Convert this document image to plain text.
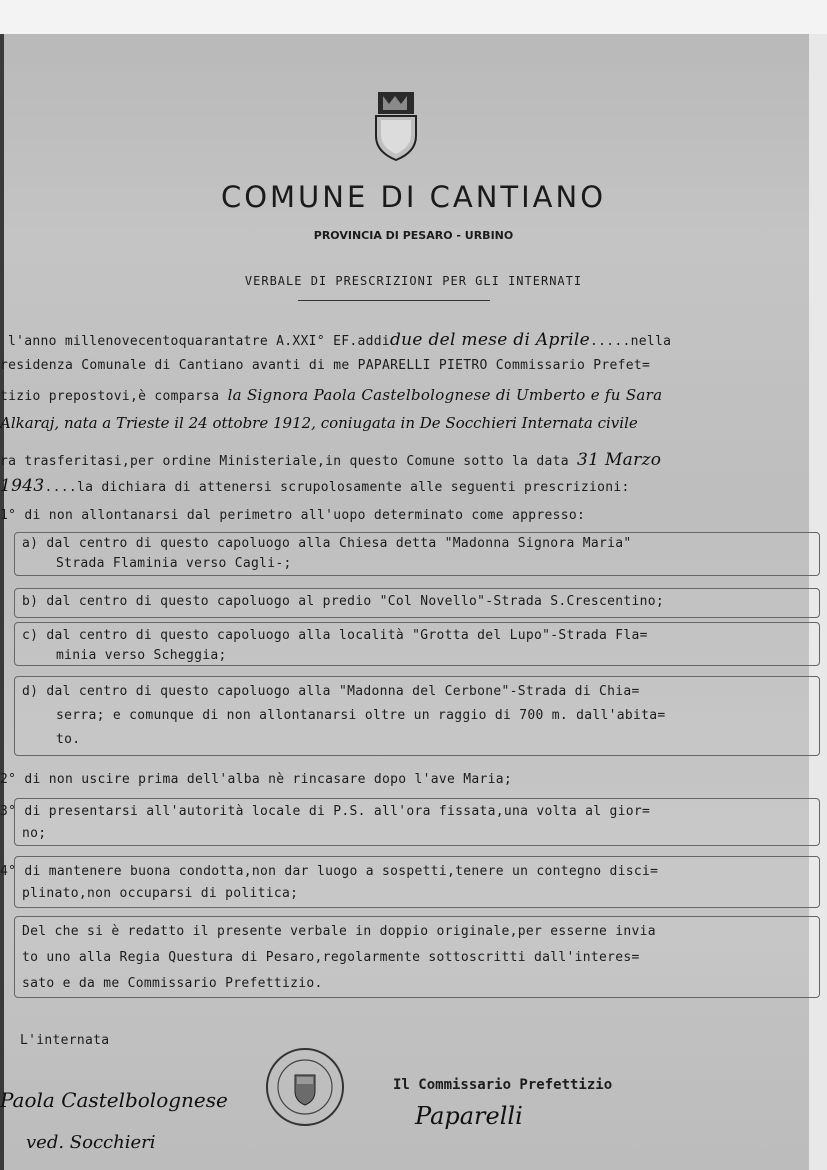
COMUNE DI CANTIANO
PROVINCIA DI PESARO - URBINO
VERBALE DI PRESCRIZIONI PER GLI INTERNATI
l'anno millenovecentoquarantatre A.XXI° EF.addidue del mese di Aprile.....nella
residenza Comunale di Cantiano avanti di me PAPARELLI PIETRO Commissario Prefet=
tizio prepostovi,è comparsa la Signora Paola Castelbolognese di Umberto e fu Sara
Alkaraj, nata a Trieste il 24 ottobre 1912, coniugata in De Socchieri Internata civile
ra trasferitasi,per ordine Ministeriale,in questo Comune sotto la data 31 Marzo
1943....la dichiara di attenersi scrupolosamente alle seguenti prescrizioni:
1° di non allontanarsi dal perimetro all'uopo determinato come appresso:
a) dal centro di questo capoluogo alla Chiesa detta "Madonna Signora Maria"
Strada Flaminia verso Cagli-;
b) dal centro di questo capoluogo al predio "Col Novello"-Strada S.Crescentino;
c) dal centro di questo capoluogo alla località "Grotta del Lupo"-Strada Fla=
minia verso Scheggia;
d) dal centro di questo capoluogo alla "Madonna del Cerbone"-Strada di Chia=
serra; e comunque di non allontanarsi oltre un raggio di 700 m. dall'abita=
to.
2° di non uscire prima dell'alba nè rincasare dopo l'ave Maria;
3° di presentarsi all'autorità locale di P.S. all'ora fissata,una volta al gior=
no;
4° di mantenere buona condotta,non dar luogo a sospetti,tenere un contegno disci=
plinato,non occuparsi di politica;
Del che si è redatto il presente verbale in doppio originale,per esserne invia
to uno alla Regia Questura di Pesaro,regolarmente sottoscritti dall'interes=
sato e da me Commissario Prefettizio.
L'internata
Paola Castelbolognese
ved. Socchieri
Il Commissario Prefettizio
Paparelli
